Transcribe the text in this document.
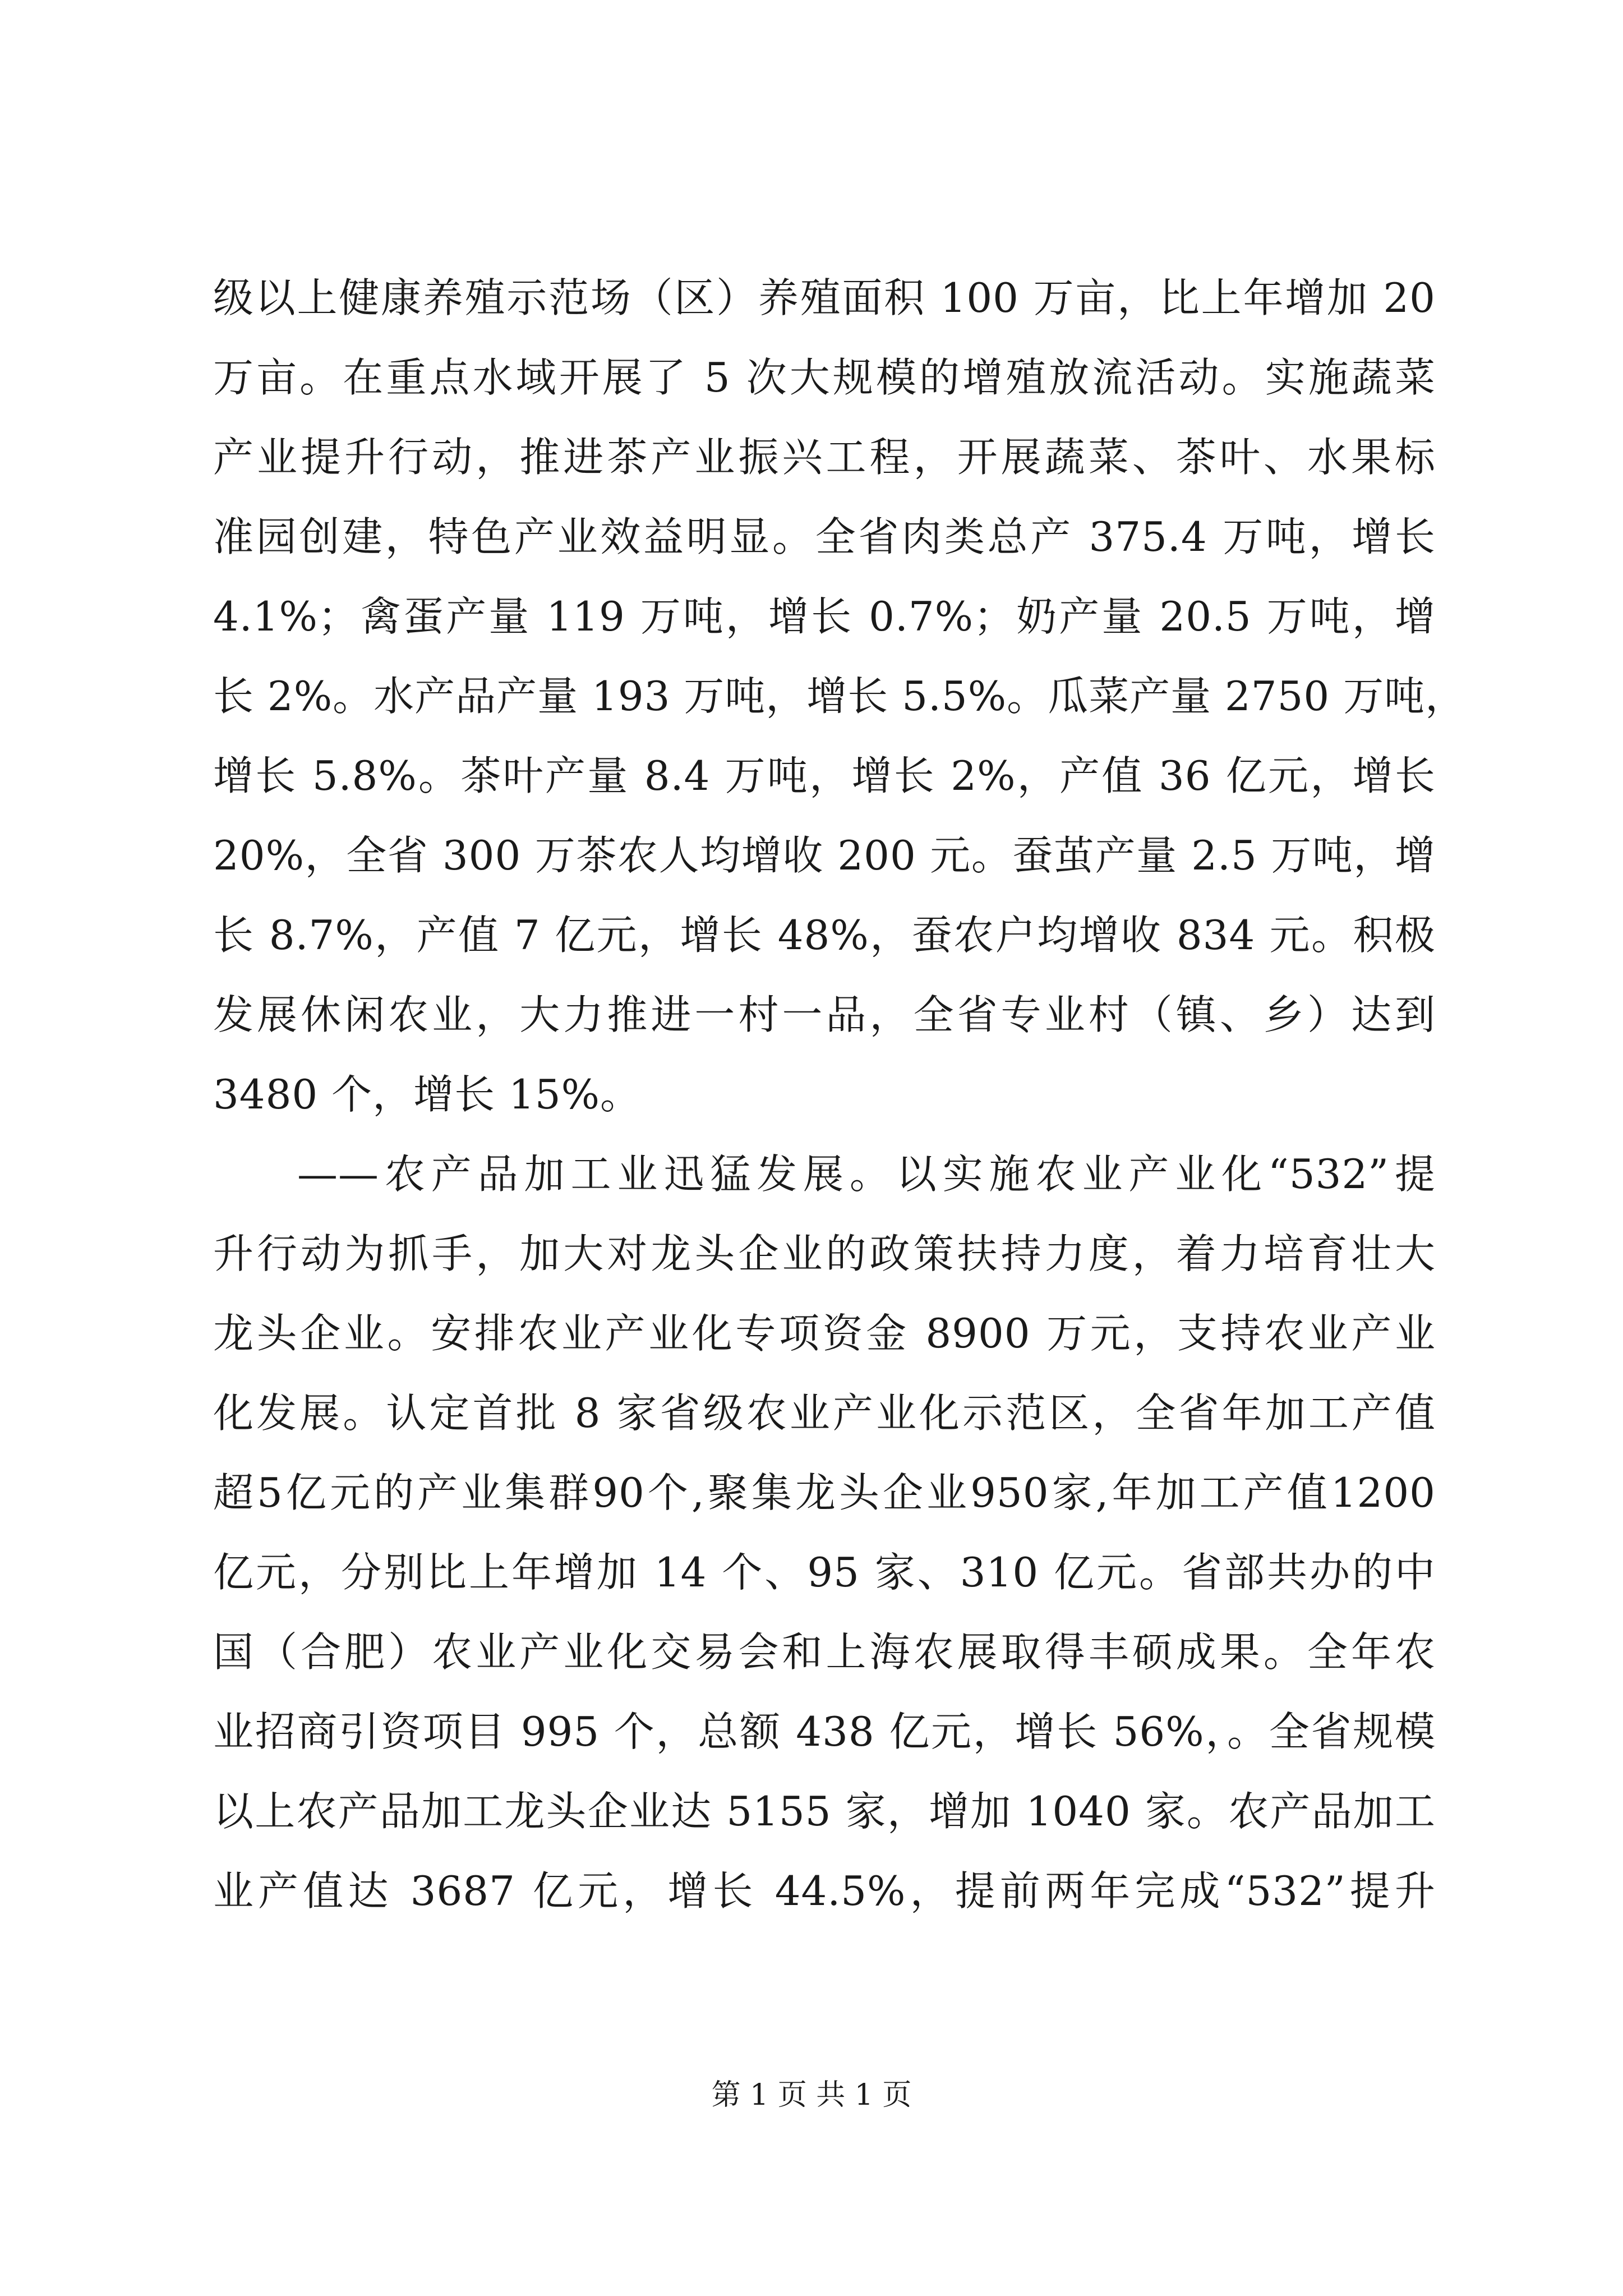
级以上健康养殖示范场（区）养殖面积 100 万亩，比上年增加 20
万亩。在重点水域开展了 5 次大规模的增殖放流活动。实施蔬菜
产业提升行动，推进茶产业振兴工程，开展蔬菜、茶叶、水果标
准园创建，特色产业效益明显。全省肉类总产 375.4 万吨，增长
4.1%；禽蛋产量 119 万吨，增长 0.7%；奶产量 20.5 万吨，增
长 2%。水产品产量 193 万吨，增长 5.5%。瓜菜产量 2750 万吨，
增长 5.8%。茶叶产量 8.4 万吨，增长 2%，产值 36 亿元，增长
20%，全省 300 万茶农人均增收 200 元。蚕茧产量 2.5 万吨，增
长 8.7%，产值 7 亿元，增长 48%，蚕农户均增收 834 元。积极
发展休闲农业，大力推进一村一品，全省专业村（镇、乡）达到
3480 个，增长 15%。
——农产品加工业迅猛发展。以实施农业产业化“532”提
升行动为抓手，加大对龙头企业的政策扶持力度，着力培育壮大
龙头企业。安排农业产业化专项资金 8900 万元，支持农业产业
化发展。认定首批 8 家省级农业产业化示范区，全省年加工产值
超5亿元的产业集群90个,聚集龙头企业950家,年加工产值1200
亿元，分别比上年增加 14 个、95 家、310 亿元。省部共办的中
国（合肥）农业产业化交易会和上海农展取得丰硕成果。全年农
业招商引资项目 995 个，总额 438 亿元，增长 56%，。全省规模
以上农产品加工龙头企业达 5155 家，增加 1040 家。农产品加工
业产值达 3687 亿元，增长 44.5%，提前两年完成“532”提升
第 1 页 共 1 页
